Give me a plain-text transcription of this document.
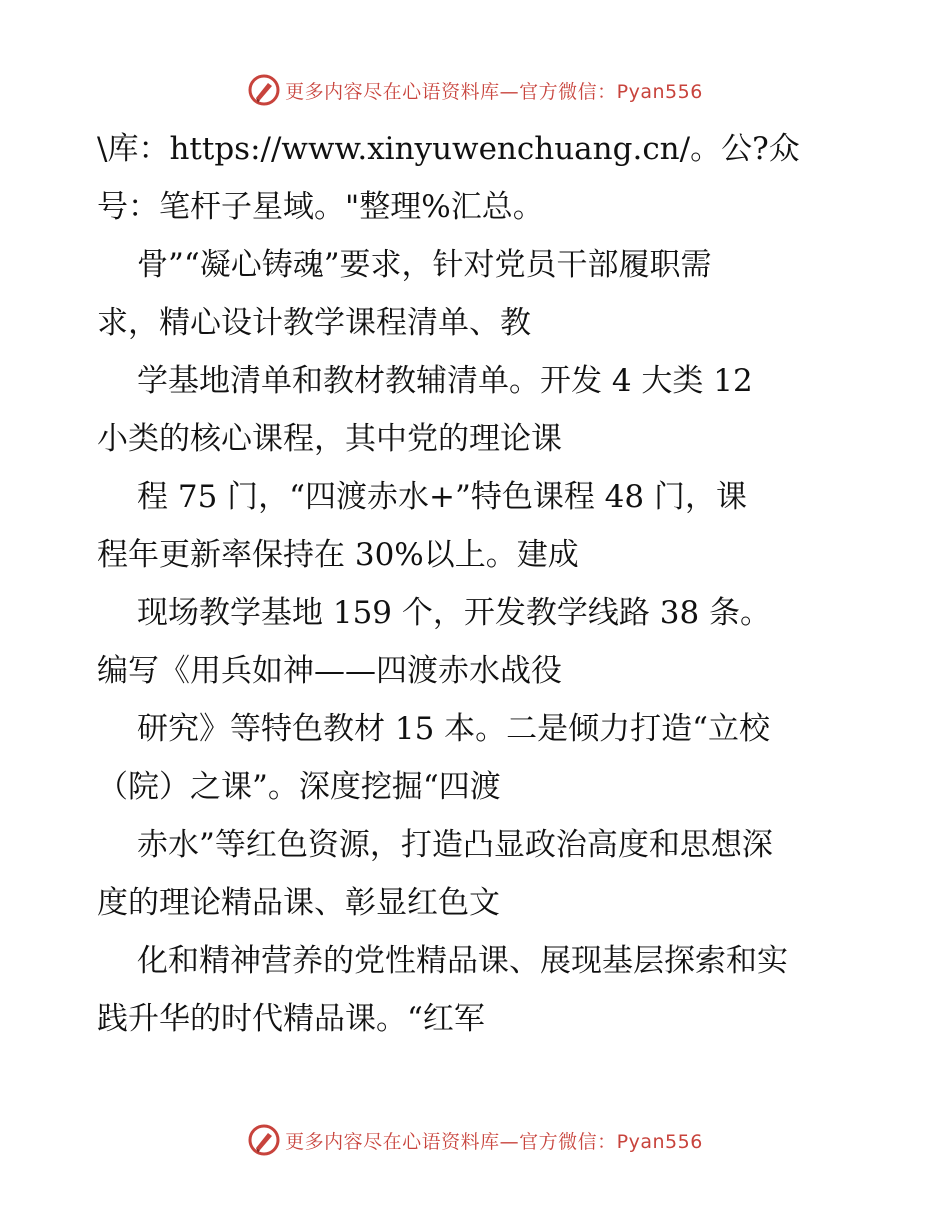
更多内容尽在心语资料库—官方微信：Pyan556
\库：https://www.xinyuwenchuang.cn/。公?众
号：笔杆子星域。"整理%汇总。
骨”“凝心铸魂”要求，针对党员干部履职需
求，精心设计教学课程清单、教
学基地清单和教材教辅清单。开发 4 大类 12
小类的核心课程，其中党的理论课
程 75 门，“四渡赤水+”特色课程 48 门，课
程年更新率保持在 30%以上。建成
现场教学基地 159 个，开发教学线路 38 条。
编写《用兵如神——四渡赤水战役
研究》等特色教材 15 本。二是倾力打造“立校
（院）之课”。深度挖掘“四渡
赤水”等红色资源，打造凸显政治高度和思想深
度的理论精品课、彰显红色文
化和精神营养的党性精品课、展现基层探索和实
践升华的时代精品课。“红军
更多内容尽在心语资料库—官方微信：Pyan556
